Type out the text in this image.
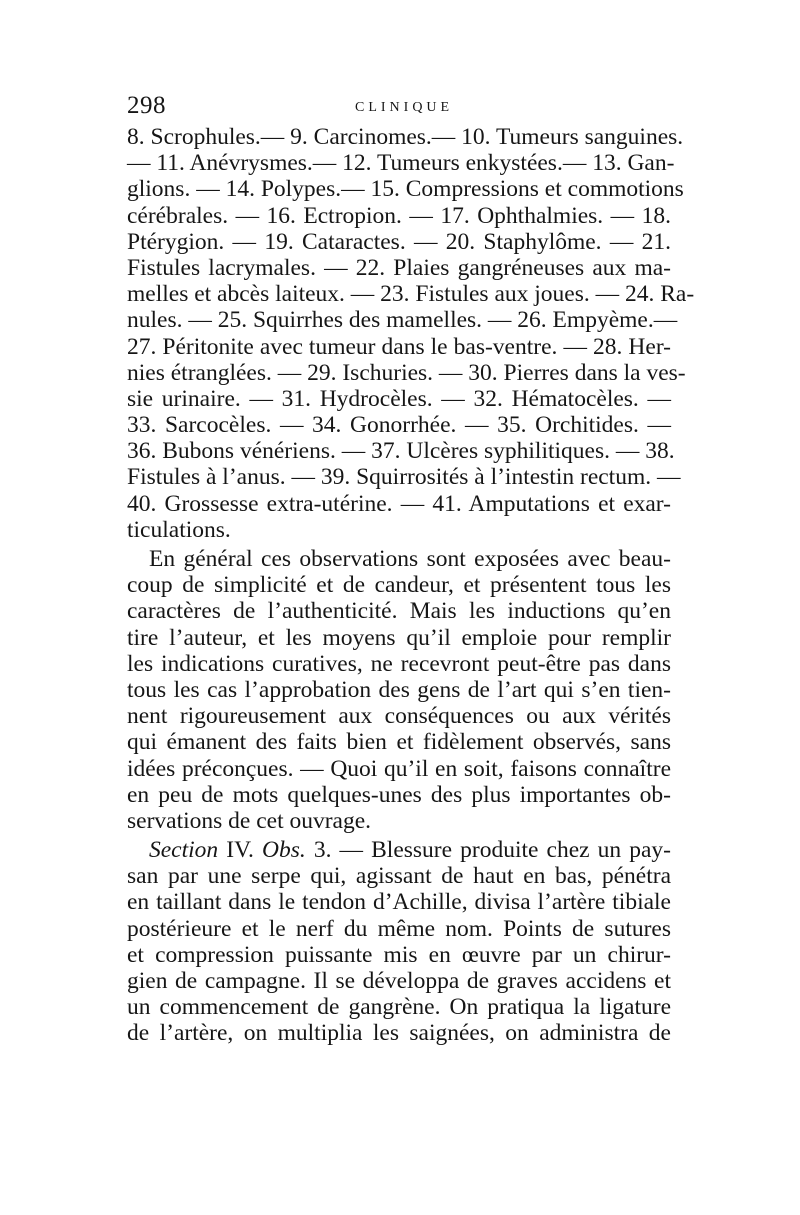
298	CLINIQUE
8. Scrophules.— 9. Carcinomes.— 10. Tumeurs sanguines.
— 11. Anévrysmes.— 12. Tumeurs enkystées.— 13. Gan-
glions. — 14. Polypes.— 15. Compressions et commotions
cérébrales. — 16. Ectropion. — 17. Ophthalmies. — 18.
Ptérygion. — 19. Cataractes. — 20. Staphylôme. — 21.
Fistules lacrymales. — 22. Plaies gangréneuses aux ma-
melles et abcès laiteux. — 23. Fistules aux joues. — 24. Ra-
nules. — 25. Squirrhes des mamelles. — 26. Empyème.—
27. Péritonite avec tumeur dans le bas-ventre. — 28. Her-
nies étranglées. — 29. Ischuries. — 30. Pierres dans la ves-
sie urinaire. — 31. Hydrocèles. — 32. Hématocèles. —
33. Sarcocèles. — 34. Gonorrhée. — 35. Orchitides. —
36. Bubons vénériens. — 37. Ulcères syphilitiques. — 38.
Fistules à l’anus. — 39. Squirrosités à l’intestin rectum. —
40. Grossesse extra-utérine. — 41. Amputations et exar-
ticulations.
En général ces observations sont exposées avec beau-
coup de simplicité et de candeur, et présentent tous les
caractères de l’authenticité. Mais les inductions qu’en
tire l’auteur, et les moyens qu’il emploie pour remplir
les indications curatives, ne recevront peut-être pas dans
tous les cas l’approbation des gens de l’art qui s’en tien-
nent rigoureusement aux conséquences ou aux vérités
qui émanent des faits bien et fidèlement observés, sans
idées préconçues. — Quoi qu’il en soit, faisons connaître
en peu de mots quelques-unes des plus importantes ob-
servations de cet ouvrage.
Section IV. Obs. 3. — Blessure produite chez un pay-
san par une serpe qui, agissant de haut en bas, pénétra
en taillant dans le tendon d’Achille, divisa l’artère tibiale
postérieure et le nerf du même nom. Points de sutures
et compression puissante mis en œuvre par un chirur-
gien de campagne. Il se développa de graves accidens et
un commencement de gangrène. On pratiqua la ligature
de l’artère, on multiplia les saignées, on administra de
